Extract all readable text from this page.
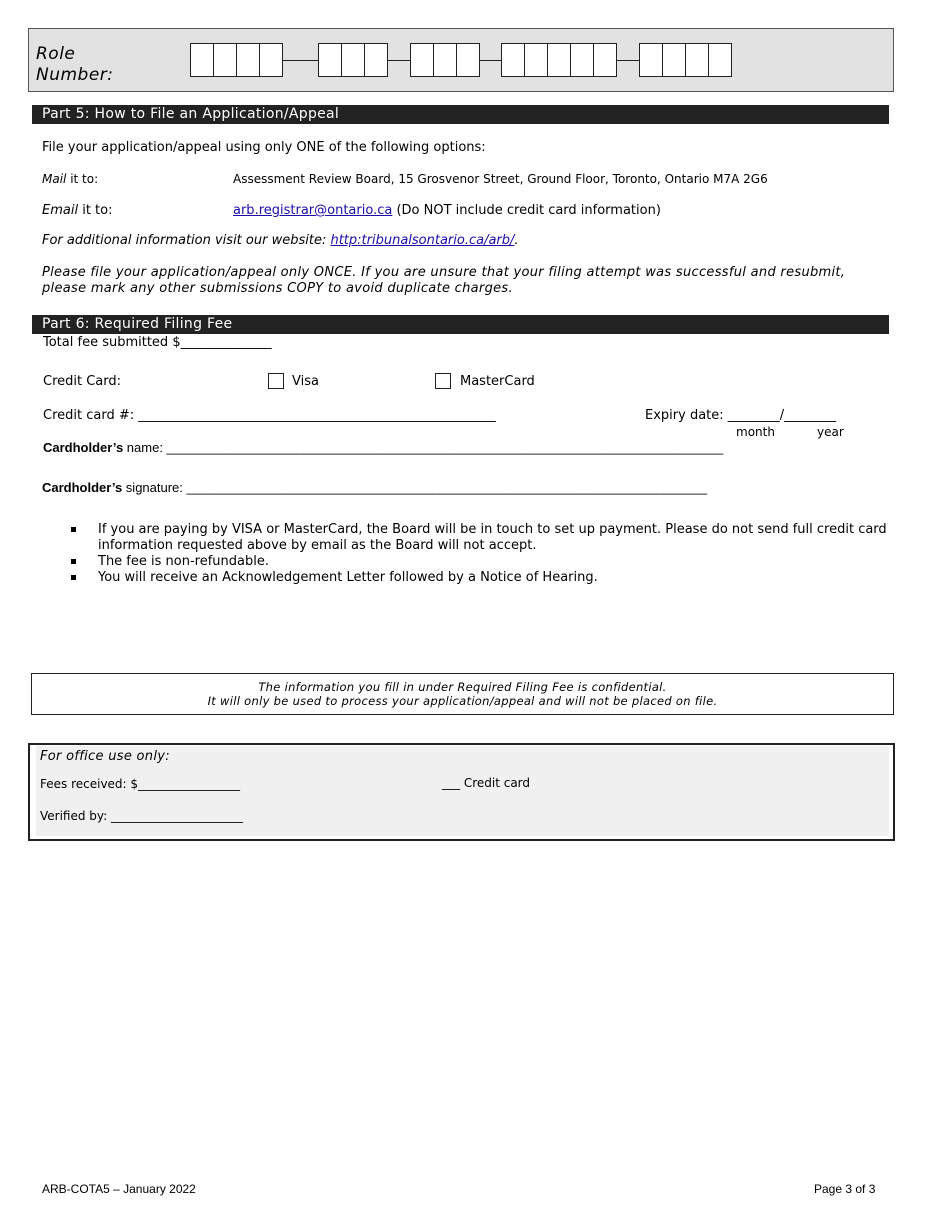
Role
Number:
Part 5: How to File an Application/Appeal
File your application/appeal using only ONE of the following options:
Mail it to:	Assessment Review Board, 15 Grosvenor Street, Ground Floor, Toronto, Ontario M7A 2G6
Email it to:	arb.registrar@ontario.ca (Do NOT include credit card information)
For additional information visit our website: http:tribunalsontario.ca/arb/.
Please file your application/appeal only ONCE. If you are unsure that your filing attempt was successful and resubmit, please mark any other submissions COPY to avoid duplicate charges.
Part 6: Required Filing Fee
Total fee submitted $______________
Credit Card:	Visa	MasterCard
Credit card #: _______________________________________________________	Expiry date: ________/________
month	year
Cardholder’s name: _____________________________________________________________________________
Cardholder’s signature: ________________________________________________________________________
If you are paying by VISA or MasterCard, the Board will be in touch to set up payment. Please do not send full credit card information requested above by email as the Board will not accept.
The fee is non-refundable.
You will receive an Acknowledgement Letter followed by a Notice of Hearing.
The information you fill in under Required Filing Fee is confidential.
It will only be used to process your application/appeal and will not be placed on file.
For office use only:
Fees received: $_________________	___ Credit card
Verified by: ______________________
ARB-COTA5 – January 2022	Page 3 of 3
